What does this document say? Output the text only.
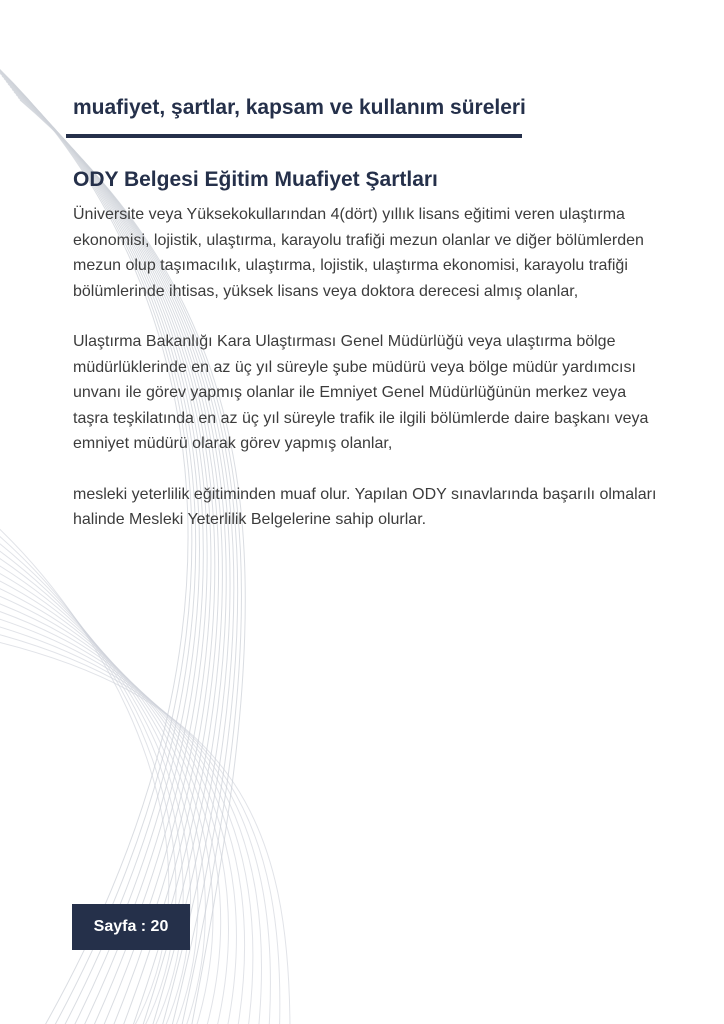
muafiyet, şartlar, kapsam ve kullanım süreleri
ODY Belgesi Eğitim Muafiyet Şartları

Üniversite veya Yüksekokullarından 4(dört) yıllık lisans eğitimi veren ulaştırma ekonomisi, lojistik, ulaştırma, karayolu trafiği mezun olanlar ve diğer bölümlerden mezun olup taşımacılık, ulaştırma, lojistik, ulaştırma ekonomisi, karayolu trafiği bölümlerinde ihtisas, yüksek lisans veya doktora derecesi almış olanlar,

Ulaştırma Bakanlığı Kara Ulaştırması Genel Müdürlüğü veya ulaştırma bölge müdürlüklerinde en az üç yıl süreyle şube müdürü veya bölge müdür yardımcısı unvanı ile görev yapmış olanlar ile Emniyet Genel Müdürlüğünün merkez veya taşra teşkilatında en az üç yıl süreyle trafik ile ilgili bölümlerde daire başkanı veya emniyet müdürü olarak görev yapmış olanlar,

mesleki yeterlilik eğitiminden muaf olur. Yapılan ODY sınavlarında başarılı olmaları halinde Mesleki Yeterlilik Belgelerine sahip olurlar.

Sayfa : 20
